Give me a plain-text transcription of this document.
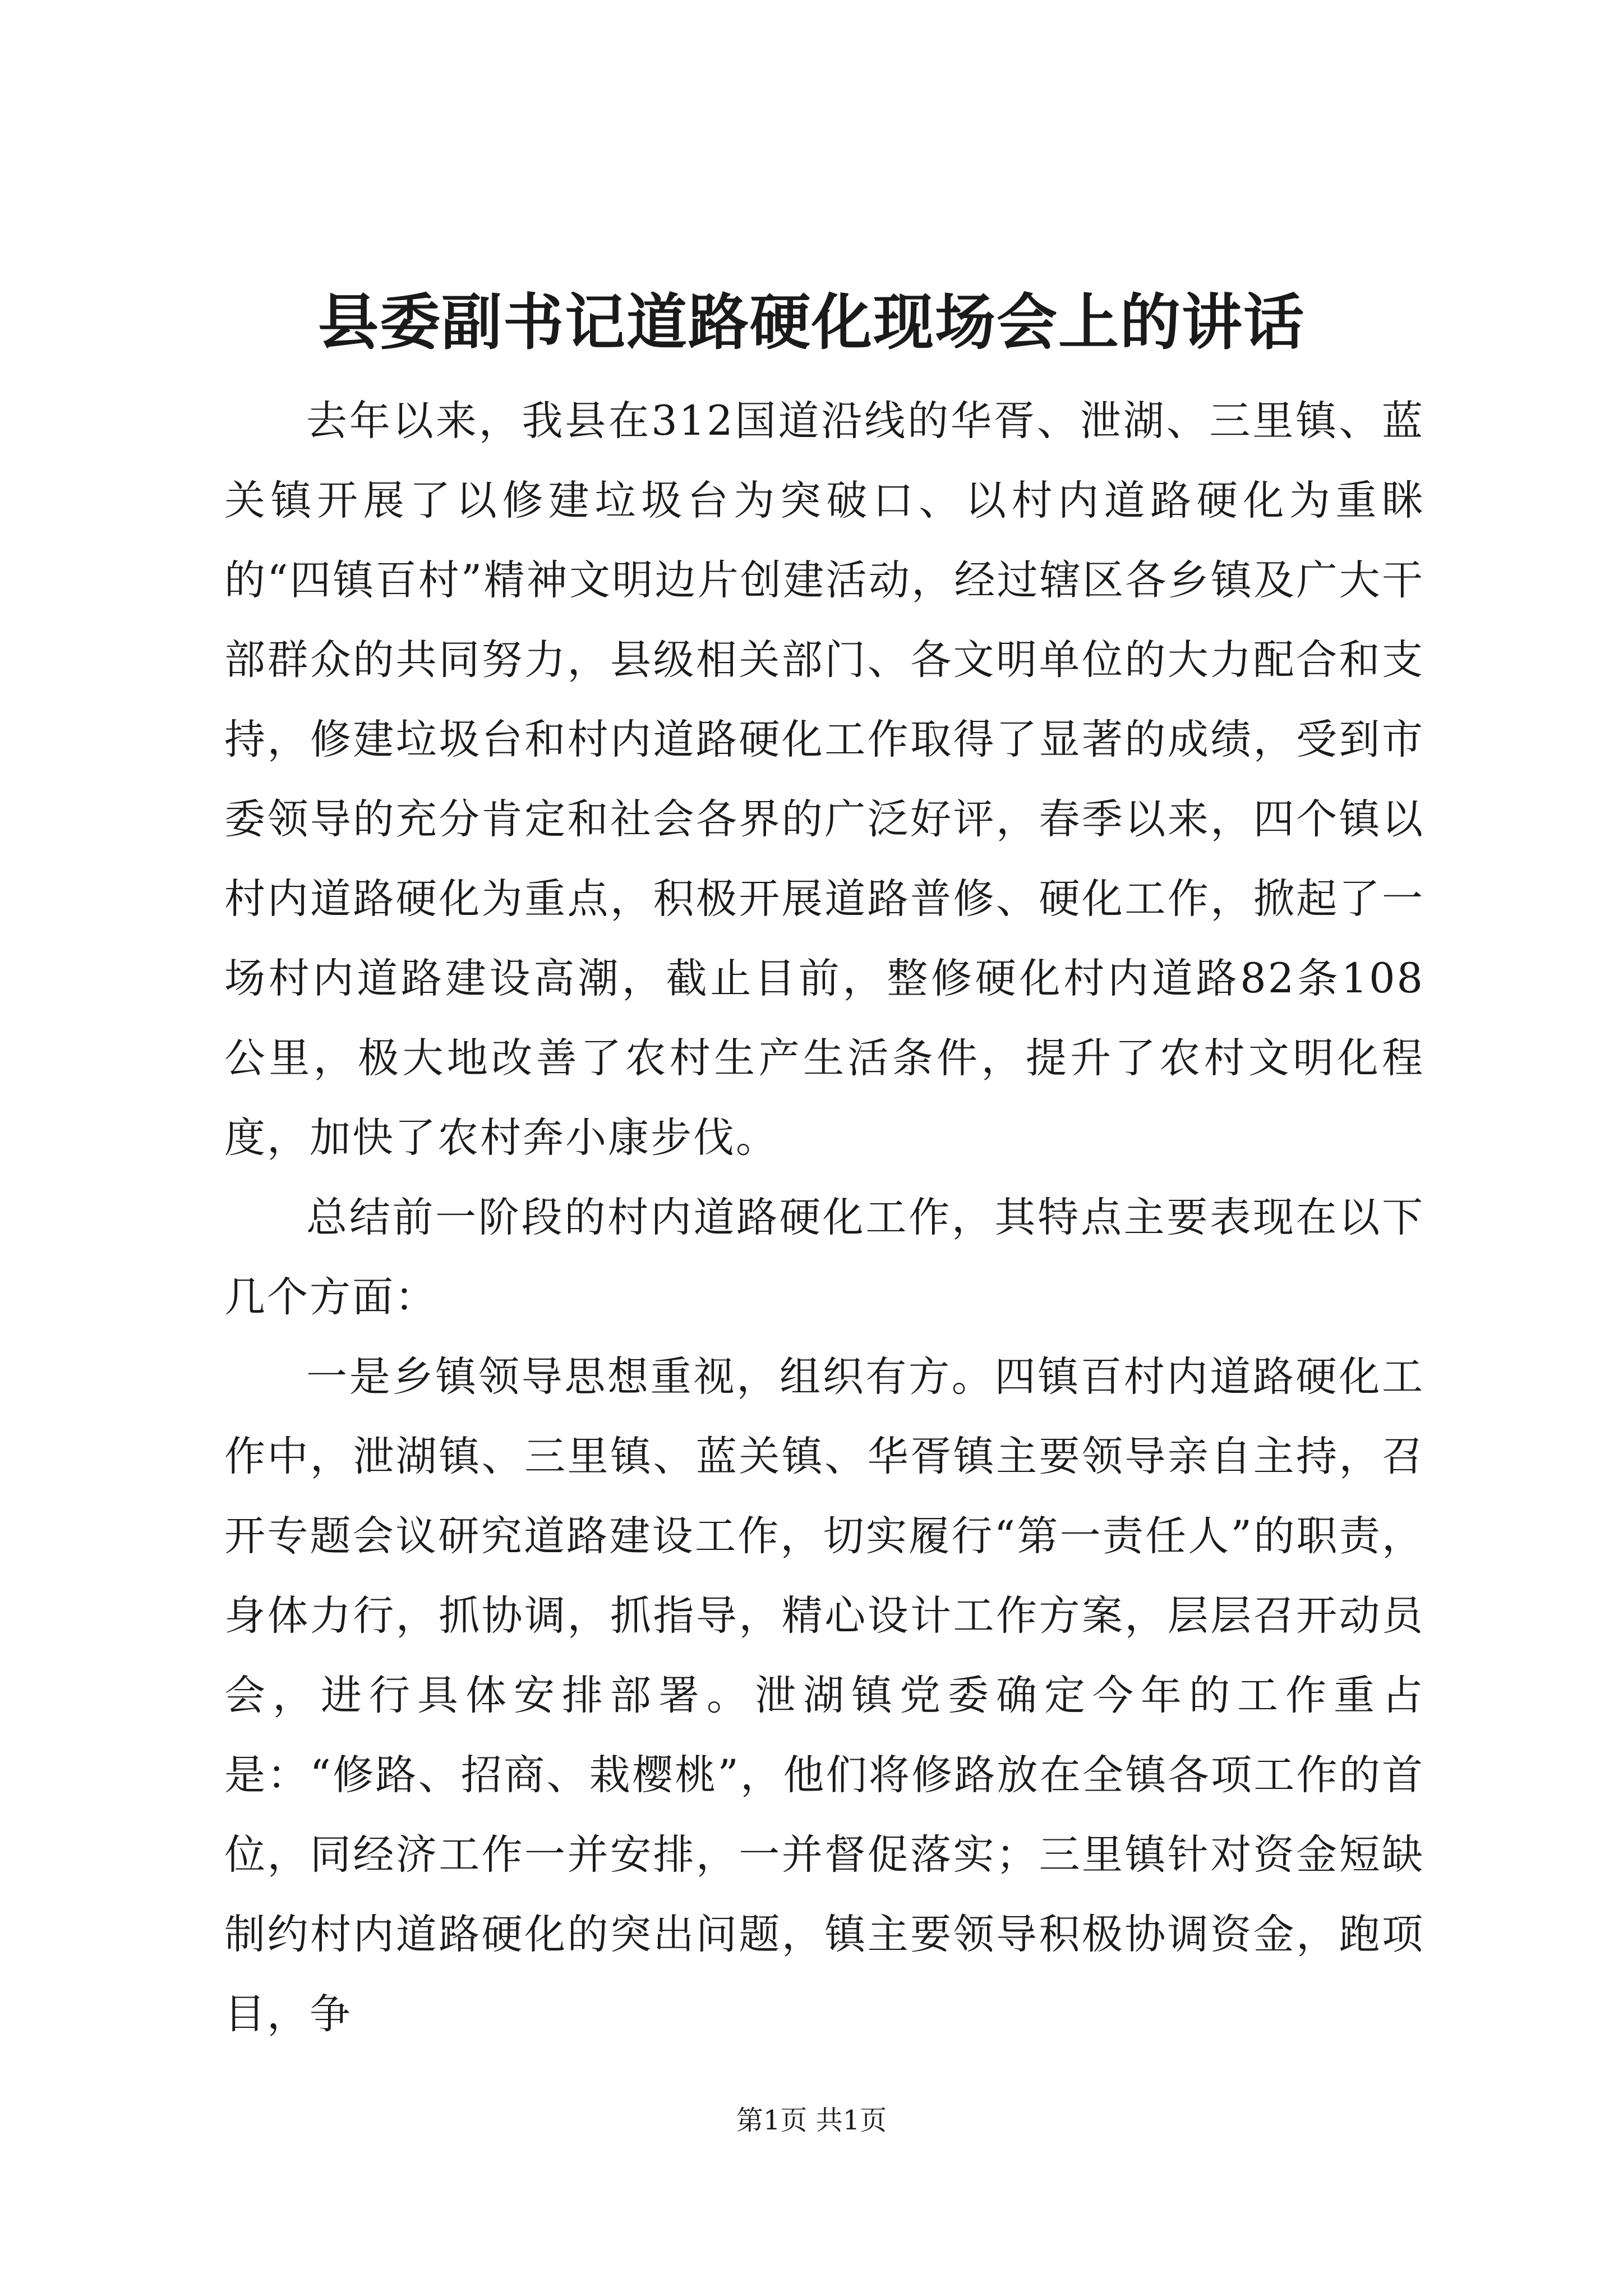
县委副书记道路硬化现场会上的讲话

去年以来，我县在312国道沿线的华胥、泄湖、三里镇、蓝关镇开展了以修建垃圾台为突破口、以村内道路硬化为重眯的“四镇百村”精神文明边片创建活动，经过辖区各乡镇及广大干部群众的共同努力，县级相关部门、各文明单位的大力配合和支持，修建垃圾台和村内道路硬化工作取得了显著的成绩，受到市委领导的充分肯定和社会各界的广泛好评，春季以来，四个镇以村内道路硬化为重点，积极开展道路普修、硬化工作，掀起了一场村内道路建设高潮，截止目前，整修硬化村内道路82条108公里，极大地改善了农村生产生活条件，提升了农村文明化程度，加快了农村奔小康步伐。

总结前一阶段的村内道路硬化工作，其特点主要表现在以下几个方面：

一是乡镇领导思想重视，组织有方。四镇百村内道路硬化工作中，泄湖镇、三里镇、蓝关镇、华胥镇主要领导亲自主持，召开专题会议研究道路建设工作，切实履行“第一责任人”的职责，身体力行，抓协调，抓指导，精心设计工作方案，层层召开动员会，进行具体安排部署。泄湖镇党委确定今年的工作重占是：“修路、招商、栽樱桃”，他们将修路放在全镇各项工作的首位，同经济工作一并安排，一并督促落实；三里镇针对资金短缺制约村内道路硬化的突出问题，镇主要领导积极协调资金，跑项目，争

第1页 共1页
